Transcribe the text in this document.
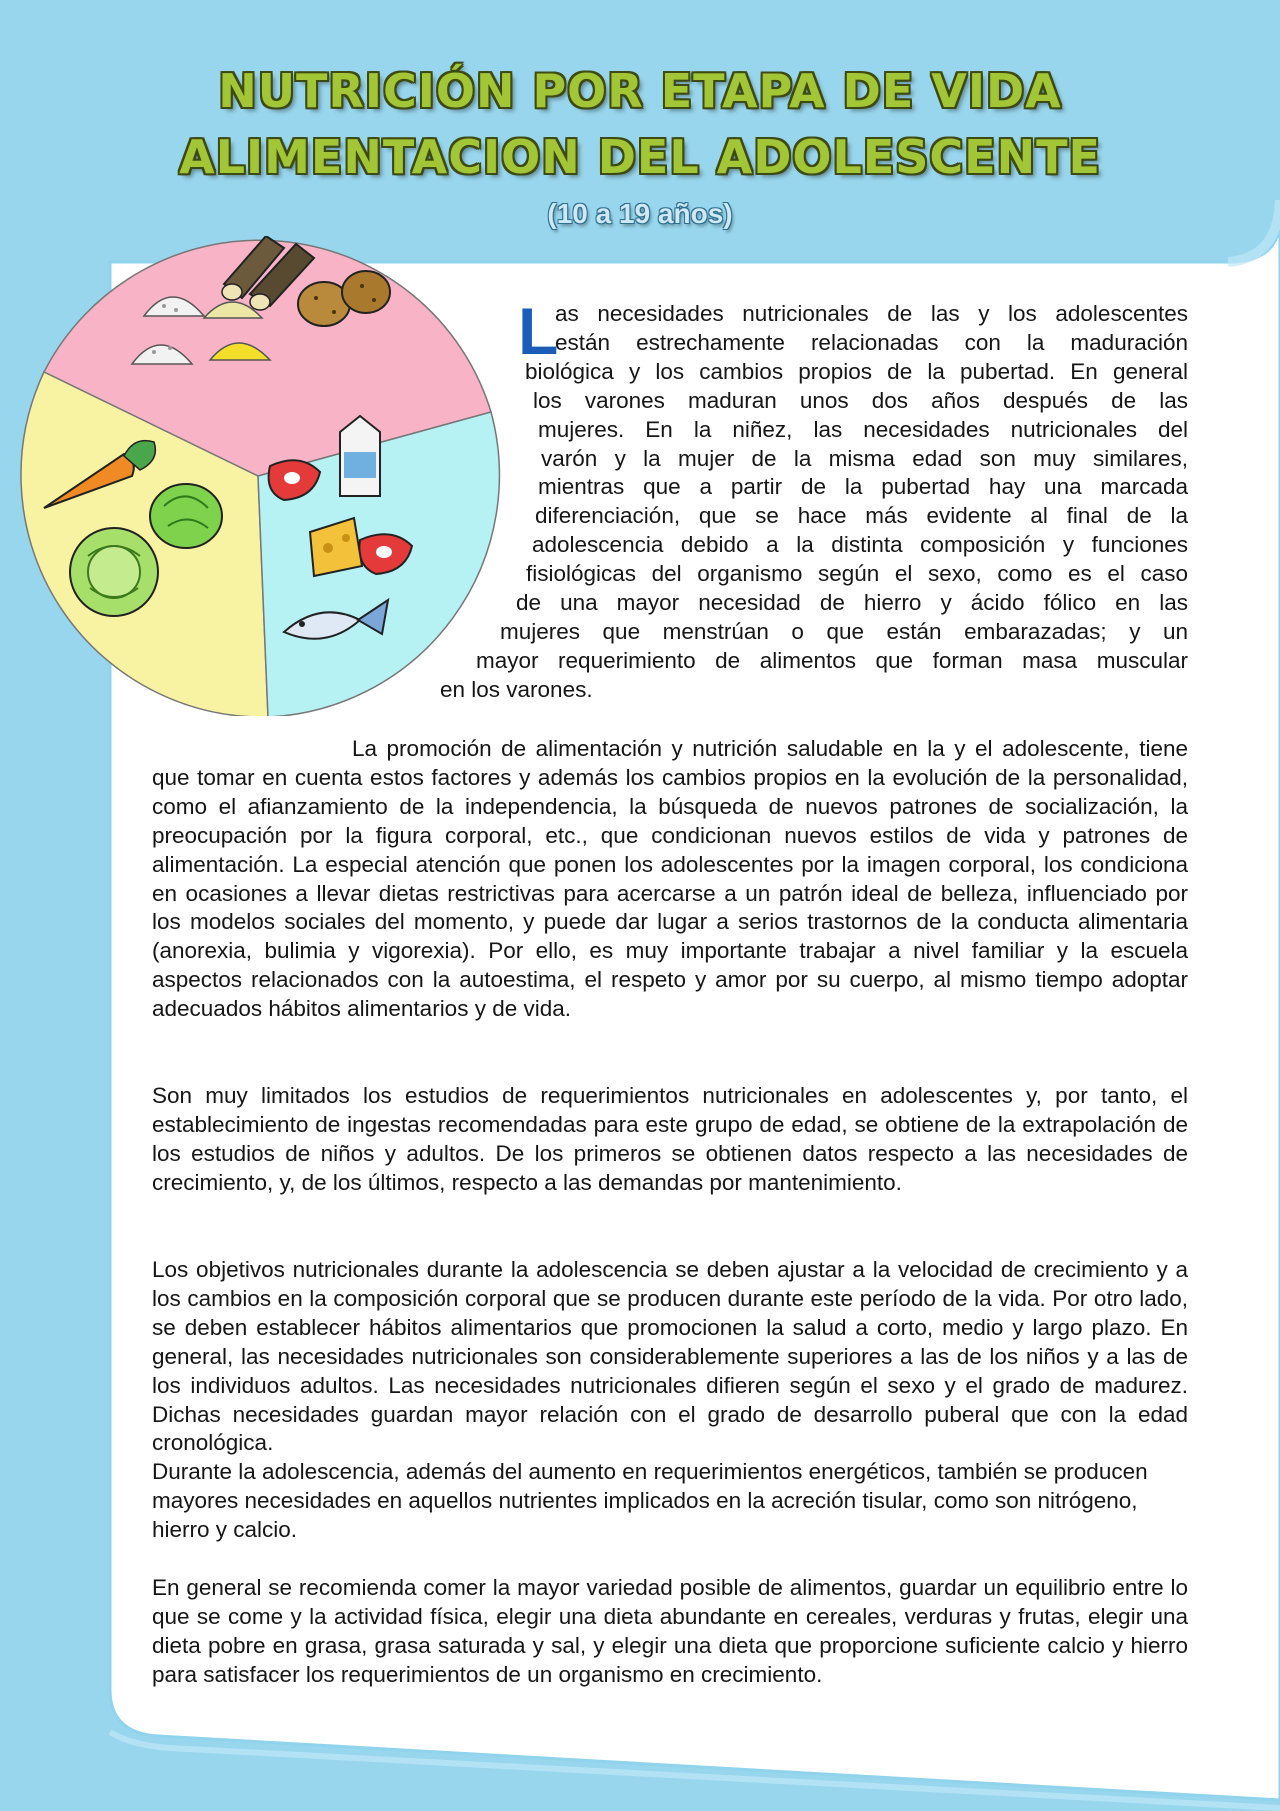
NUTRICIÓN POR ETAPA DE VIDA
ALIMENTACION DEL ADOLESCENTE
(10 a 19 años)
L
as necesidades nutricionales de las y los adolescentes
están estrechamente relacionadas con la maduración
biológica y los cambios propios de la pubertad. En general
los varones maduran unos dos años después de las
mujeres. En la niñez, las necesidades nutricionales del
varón y la mujer de la misma edad son muy similares,
mientras que a partir de la pubertad hay una marcada
diferenciación, que se hace más evidente al final de la
adolescencia debido a la distinta composición y funciones
fisiológicas del organismo según el sexo, como es el caso
de una mayor necesidad de hierro y ácido fólico en las
mujeres que menstrúan o que están embarazadas; y un
mayor requerimiento de alimentos que forman masa muscular
en los varones.

La promoción de alimentación y nutrición saludable en la y el adolescente, tiene que tomar en cuenta estos factores y además los cambios propios en la evolución de la personalidad, como el afianzamiento de la independencia, la búsqueda de nuevos patrones de socialización, la preocupación por la figura corporal, etc., que condicionan nuevos estilos de vida y patrones de alimentación. La especial atención que ponen los adolescentes por la imagen corporal, los condiciona en ocasiones a llevar dietas restrictivas para acercarse a un patrón ideal de belleza, influenciado por los modelos sociales del momento, y puede dar lugar a serios trastornos de la conducta alimentaria (anorexia, bulimia y vigorexia). Por ello, es muy importante trabajar a nivel familiar y la escuela aspectos relacionados con la autoestima, el respeto y amor por su cuerpo, al mismo tiempo adoptar adecuados hábitos alimentarios y de vida.

Son muy limitados los estudios de requerimientos nutricionales en adolescentes y, por tanto, el establecimiento de ingestas recomendadas para este grupo de edad, se obtiene de la extrapolación de los estudios de niños y adultos. De los primeros se obtienen datos respecto a las necesidades de crecimiento, y, de los últimos, respecto a las demandas por mantenimiento.

Los objetivos nutricionales durante la adolescencia se deben ajustar a la velocidad de crecimiento y a los cambios en la composición corporal que se producen durante este período de la vida. Por otro lado, se deben establecer hábitos alimentarios que promocionen la salud a corto, medio y largo plazo. En general, las necesidades nutricionales son considerablemente superiores a las de los niños y a las de los individuos adultos. Las necesidades nutricionales difieren según el sexo y el grado de madurez. Dichas necesidades guardan mayor relación con el grado de desarrollo puberal que con la edad cronológica.
Durante la adolescencia, además del aumento en requerimientos energéticos, también se producen mayores necesidades en aquellos nutrientes implicados en la acreción tisular, como son nitrógeno, hierro y calcio.

En general se recomienda comer la mayor variedad posible de alimentos, guardar un equilibrio entre lo que se come y la actividad física, elegir una dieta abundante en cereales, verduras y frutas, elegir una dieta pobre en grasa, grasa saturada y sal, y elegir una dieta que proporcione suficiente calcio y hierro para satisfacer los requerimientos de un organismo en crecimiento.
